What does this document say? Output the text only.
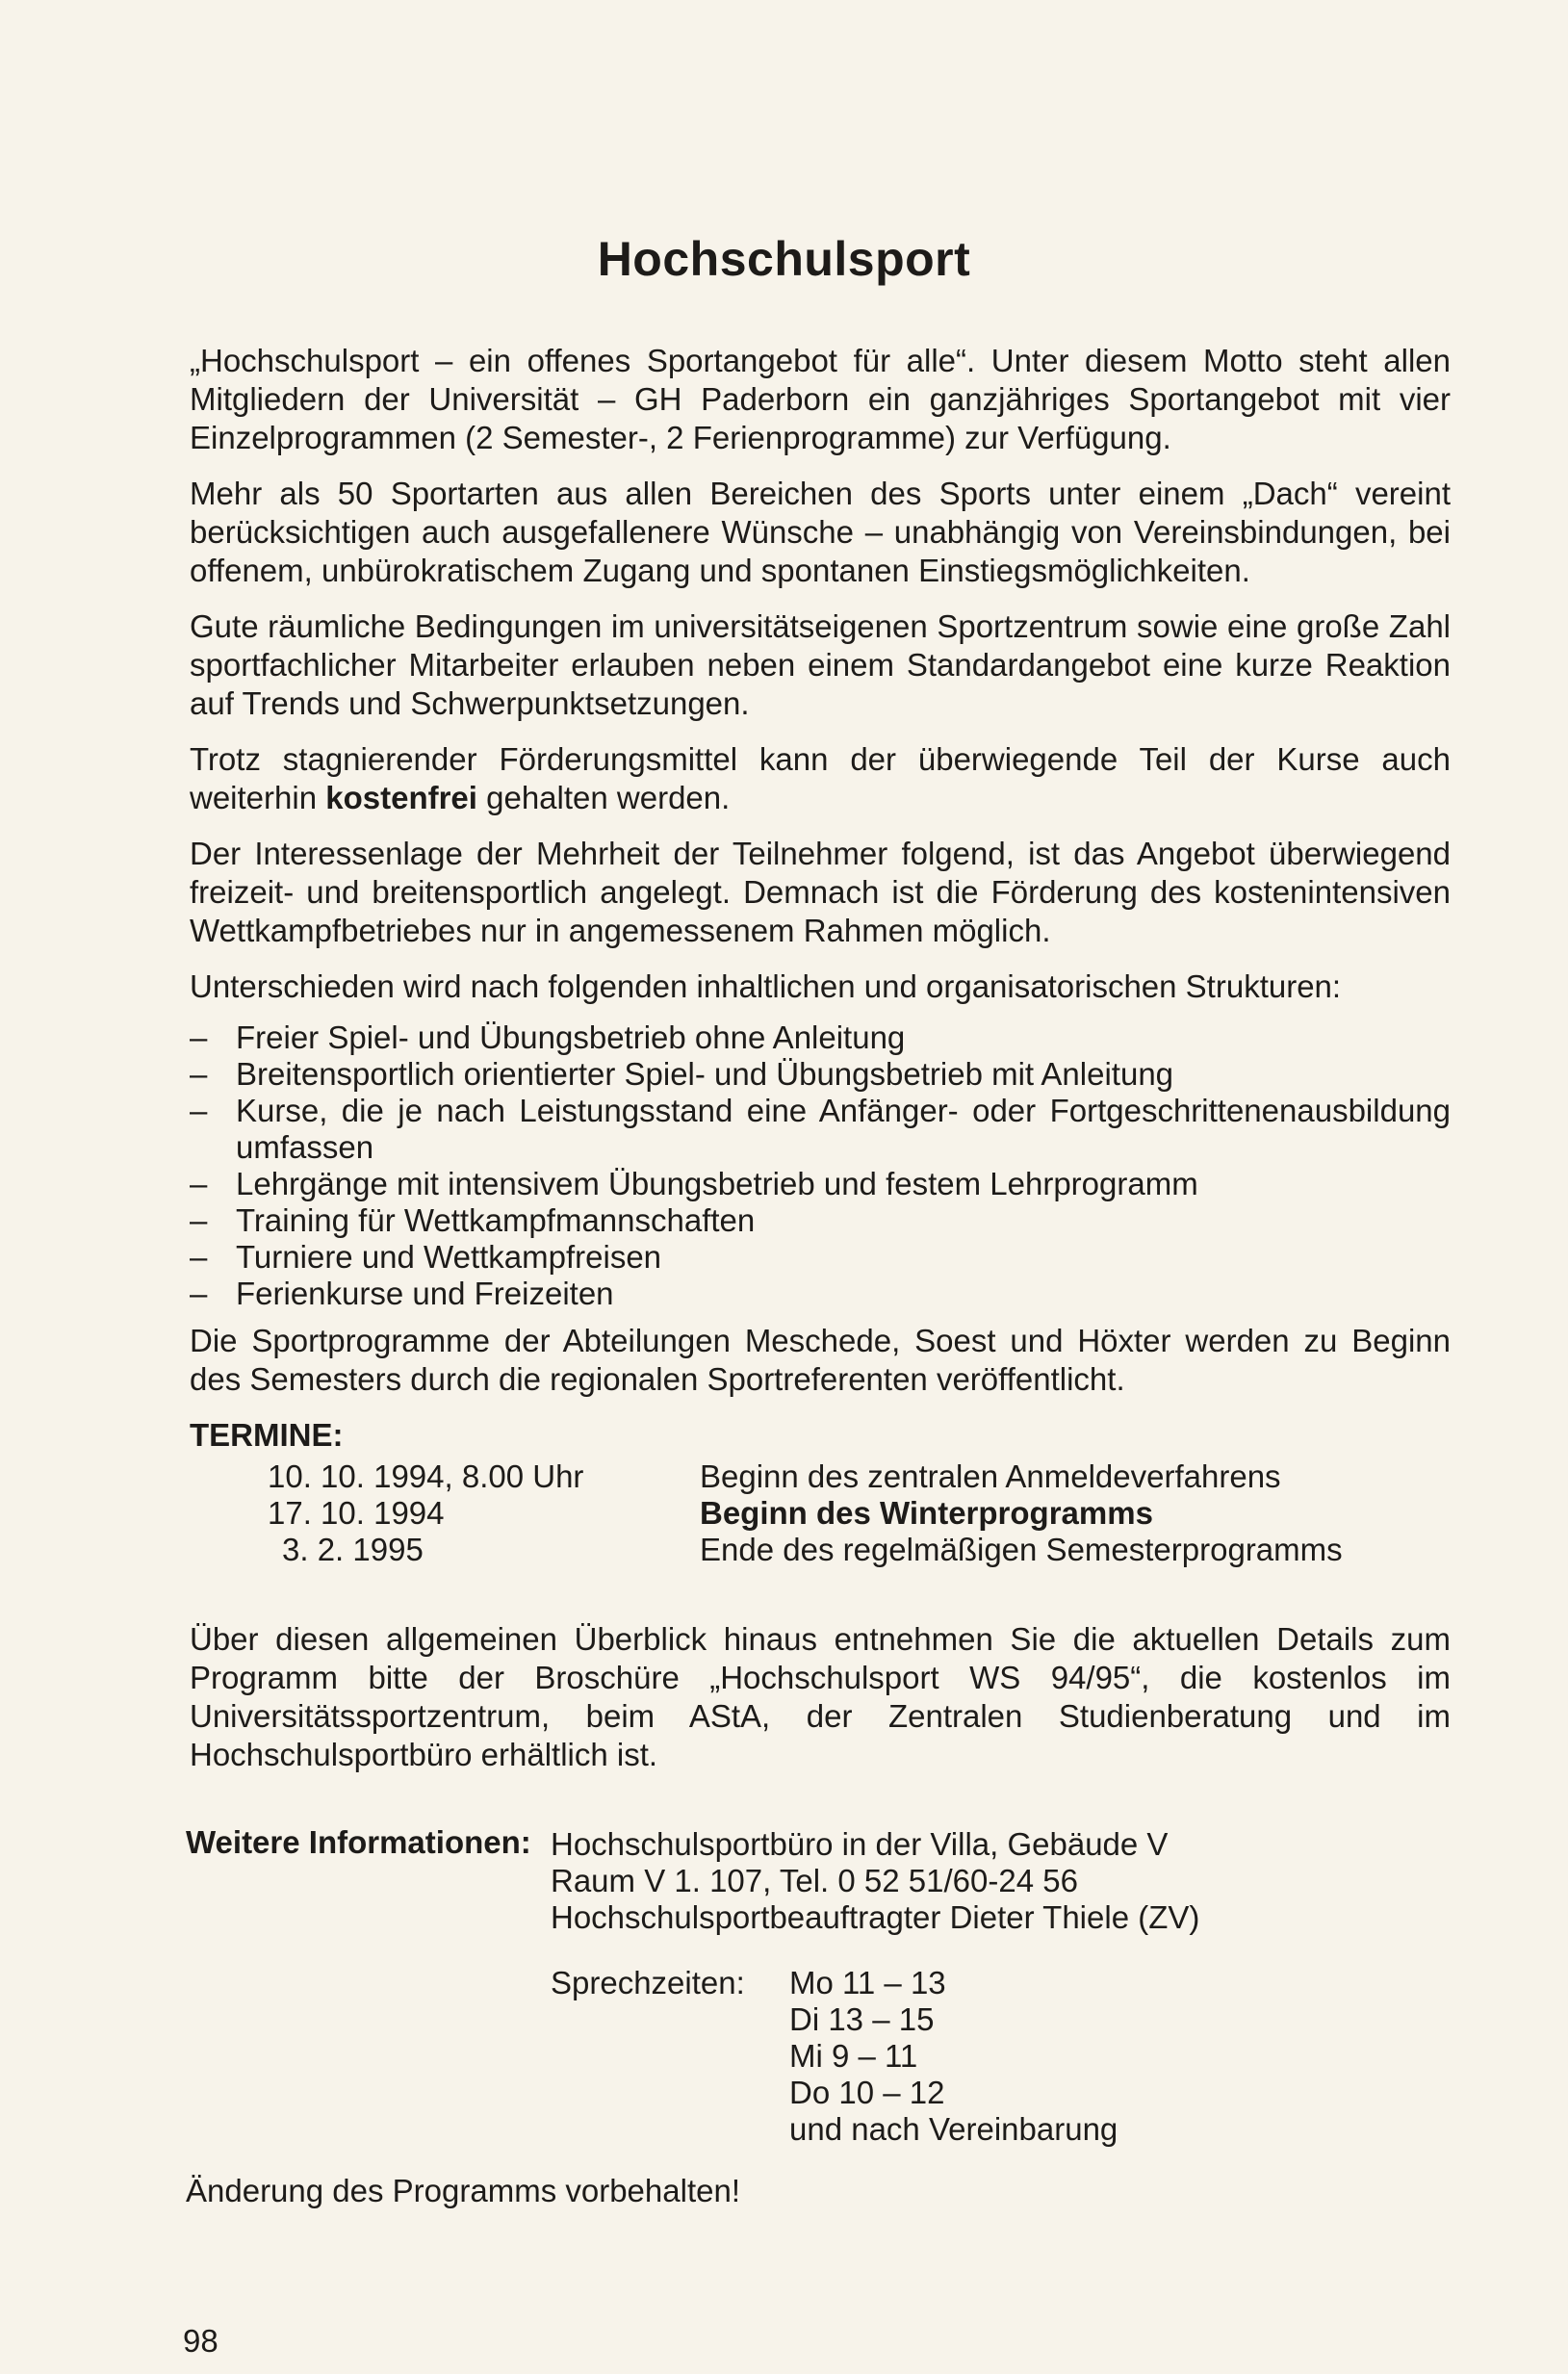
Hochschulsport

„Hochschulsport – ein offenes Sportangebot für alle“. Unter diesem Motto steht allen Mitgliedern der Universität – GH Paderborn ein ganzjähriges Sportangebot mit vier Einzelprogrammen (2 Semester-, 2 Ferienprogramme) zur Verfügung.

Mehr als 50 Sportarten aus allen Bereichen des Sports unter einem „Dach“ vereint berücksichtigen auch ausgefallenere Wünsche – unabhängig von Vereinsbindungen, bei offenem, unbürokratischem Zugang und spontanen Einstiegsmöglichkeiten.

Gute räumliche Bedingungen im universitätseigenen Sportzentrum sowie eine große Zahl sportfachlicher Mitarbeiter erlauben neben einem Standardangebot eine kurze Reaktion auf Trends und Schwerpunktsetzungen.

Trotz stagnierender Förderungsmittel kann der überwiegende Teil der Kurse auch weiterhin kostenfrei gehalten werden.

Der Interessenlage der Mehrheit der Teilnehmer folgend, ist das Angebot überwiegend freizeit- und breitensportlich angelegt. Demnach ist die Förderung des kostenintensiven Wettkampfbetriebes nur in angemessenem Rahmen möglich.

Unterschieden wird nach folgenden inhaltlichen und organisatorischen Strukturen:

– Freier Spiel- und Übungsbetrieb ohne Anleitung
– Breitensportlich orientierter Spiel- und Übungsbetrieb mit Anleitung
– Kurse, die je nach Leistungsstand eine Anfänger- oder Fortgeschrittenenausbildung umfassen
– Lehrgänge mit intensivem Übungsbetrieb und festem Lehrprogramm
– Training für Wettkampfmannschaften
– Turniere und Wettkampfreisen
– Ferienkurse und Freizeiten

Die Sportprogramme der Abteilungen Meschede, Soest und Höxter werden zu Beginn des Semesters durch die regionalen Sportreferenten veröffentlicht.

TERMINE:
10. 10. 1994, 8.00 Uhr	Beginn des zentralen Anmeldeverfahrens
17. 10. 1994	Beginn des Winterprogramms
3. 2. 1995	Ende des regelmäßigen Semesterprogramms

Über diesen allgemeinen Überblick hinaus entnehmen Sie die aktuellen Details zum Programm bitte der Broschüre „Hochschulsport WS 94/95“, die kostenlos im Universitätssportzentrum, beim AStA, der Zentralen Studienberatung und im Hochschulsportbüro erhältlich ist.

Weitere Informationen: Hochschulsportbüro in der Villa, Gebäude V
Raum V 1. 107, Tel. 0 52 51/60-24 56
Hochschulsportbeauftragter Dieter Thiele (ZV)
Sprechzeiten: Mo 11 – 13
Di 13 – 15
Mi 9 – 11
Do 10 – 12
und nach Vereinbarung
Änderung des Programms vorbehalten!
98
